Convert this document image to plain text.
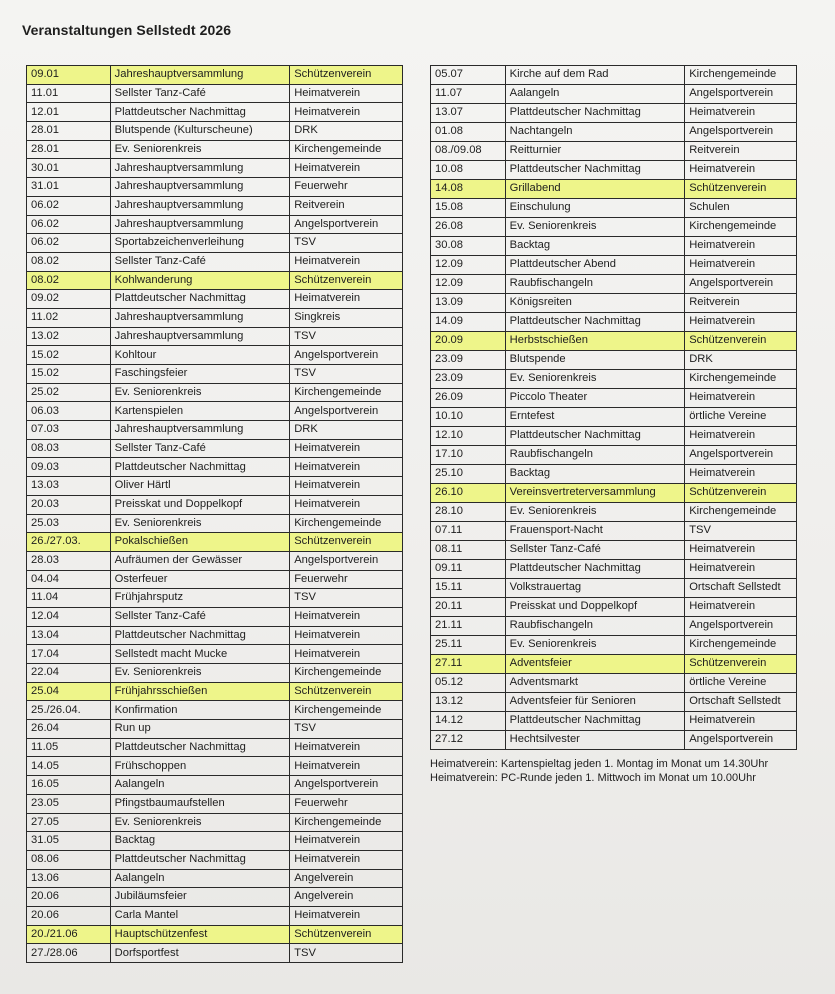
Veranstaltungen Sellstedt 2026
09.01	Jahreshauptversammlung	Schützenverein
11.01	Sellster Tanz-Café	Heimatverein
12.01	Plattdeutscher Nachmittag	Heimatverein
28.01	Blutspende (Kulturscheune)	DRK
28.01	Ev. Seniorenkreis	Kirchengemeinde
30.01	Jahreshauptversammlung	Heimatverein
31.01	Jahreshauptversammlung	Feuerwehr
06.02	Jahreshauptversammlung	Reitverein
06.02	Jahreshauptversammlung	Angelsportverein
06.02	Sportabzeichenverleihung	TSV
08.02	Sellster Tanz-Café	Heimatverein
08.02	Kohlwanderung	Schützenverein
09.02	Plattdeutscher Nachmittag	Heimatverein
11.02	Jahreshauptversammlung	Singkreis
13.02	Jahreshauptversammlung	TSV
15.02	Kohltour	Angelsportverein
15.02	Faschingsfeier	TSV
25.02	Ev. Seniorenkreis	Kirchengemeinde
06.03	Kartenspielen	Angelsportverein
07.03	Jahreshauptversammlung	DRK
08.03	Sellster Tanz-Café	Heimatverein
09.03	Plattdeutscher Nachmittag	Heimatverein
13.03	Oliver Härtl	Heimatverein
20.03	Preisskat und Doppelkopf	Heimatverein
25.03	Ev. Seniorenkreis	Kirchengemeinde
26./27.03.	Pokalschießen	Schützenverein
28.03	Aufräumen der Gewässer	Angelsportverein
04.04	Osterfeuer	Feuerwehr
11.04	Frühjahrsputz	TSV
12.04	Sellster Tanz-Café	Heimatverein
13.04	Plattdeutscher Nachmittag	Heimatverein
17.04	Sellstedt macht Mucke	Heimatverein
22.04	Ev. Seniorenkreis	Kirchengemeinde
25.04	Frühjahrsschießen	Schützenverein
25./26.04.	Konfirmation	Kirchengemeinde
26.04	Run up	TSV
11.05	Plattdeutscher Nachmittag	Heimatverein
14.05	Frühschoppen	Heimatverein
16.05	Aalangeln	Angelsportverein
23.05	Pfingstbaumaufstellen	Feuerwehr
27.05	Ev. Seniorenkreis	Kirchengemeinde
31.05	Backtag	Heimatverein
08.06	Plattdeutscher Nachmittag	Heimatverein
13.06	Aalangeln	Angelverein
20.06	Jubiläumsfeier	Angelverein
20.06	Carla Mantel	Heimatverein
20./21.06	Hauptschützenfest	Schützenverein
27./28.06	Dorfsportfest	TSV
05.07	Kirche auf dem Rad	Kirchengemeinde
11.07	Aalangeln	Angelsportverein
13.07	Plattdeutscher Nachmittag	Heimatverein
01.08	Nachtangeln	Angelsportverein
08./09.08	Reitturnier	Reitverein
10.08	Plattdeutscher Nachmittag	Heimatverein
14.08	Grillabend	Schützenverein
15.08	Einschulung	Schulen
26.08	Ev. Seniorenkreis	Kirchengemeinde
30.08	Backtag	Heimatverein
12.09	Plattdeutscher Abend	Heimatverein
12.09	Raubfischangeln	Angelsportverein
13.09	Königsreiten	Reitverein
14.09	Plattdeutscher Nachmittag	Heimatverein
20.09	Herbstschießen	Schützenverein
23.09	Blutspende	DRK
23.09	Ev. Seniorenkreis	Kirchengemeinde
26.09	Piccolo Theater	Heimatverein
10.10	Erntefest	örtliche Vereine
12.10	Plattdeutscher Nachmittag	Heimatverein
17.10	Raubfischangeln	Angelsportverein
25.10	Backtag	Heimatverein
26.10	Vereinsvertreterversammlung	Schützenverein
28.10	Ev. Seniorenkreis	Kirchengemeinde
07.11	Frauensport-Nacht	TSV
08.11	Sellster Tanz-Café	Heimatverein
09.11	Plattdeutscher Nachmittag	Heimatverein
15.11	Volkstrauertag	Ortschaft Sellstedt
20.11	Preisskat und Doppelkopf	Heimatverein
21.11	Raubfischangeln	Angelsportverein
25.11	Ev. Seniorenkreis	Kirchengemeinde
27.11	Adventsfeier	Schützenverein
05.12	Adventsmarkt	örtliche Vereine
13.12	Adventsfeier für Senioren	Ortschaft Sellstedt
14.12	Plattdeutscher Nachmittag	Heimatverein
27.12	Hechtsilvester	Angelsportverein
Heimatverein: Kartenspieltag jeden 1. Montag im Monat um 14.30Uhr
Heimatverein: PC-Runde jeden 1. Mittwoch im Monat um 10.00Uhr
